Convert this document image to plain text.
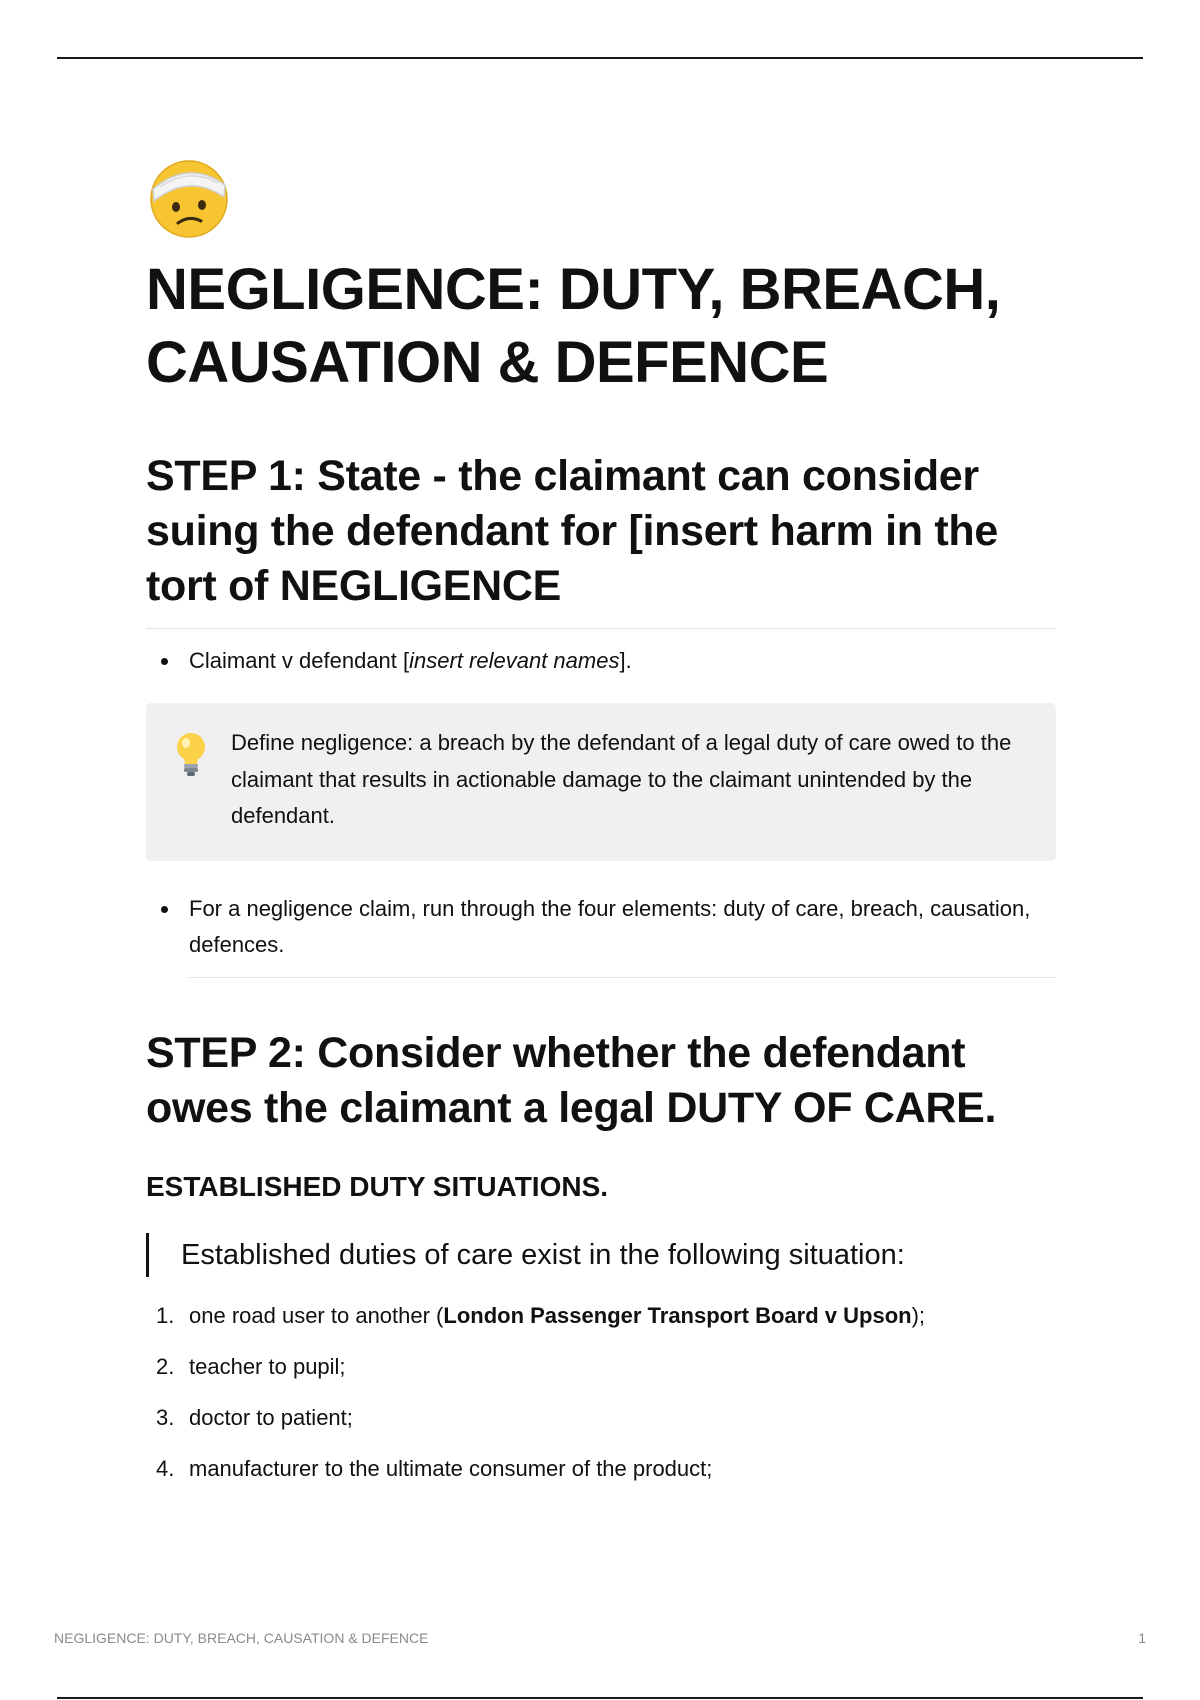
NEGLIGENCE: DUTY, BREACH, CAUSATION & DEFENCE
STEP 1: State - the claimant can consider suing the defendant for [insert harm in the tort of NEGLIGENCE
Claimant v defendant [insert relevant names].
Define negligence: a breach by the defendant of a legal duty of care owed to the claimant that results in actionable damage to the claimant unintended by the defendant.
For a negligence claim, run through the four elements: duty of care, breach, causation, defences.
STEP 2: Consider whether the defendant owes the claimant a legal DUTY OF CARE.
ESTABLISHED DUTY SITUATIONS.
Established duties of care exist in the following situation:
1. one road user to another (London Passenger Transport Board v Upson);
2. teacher to pupil;
3. doctor to patient;
4. manufacturer to the ultimate consumer of the product;
NEGLIGENCE: DUTY, BREACH, CAUSATION & DEFENCE	1
